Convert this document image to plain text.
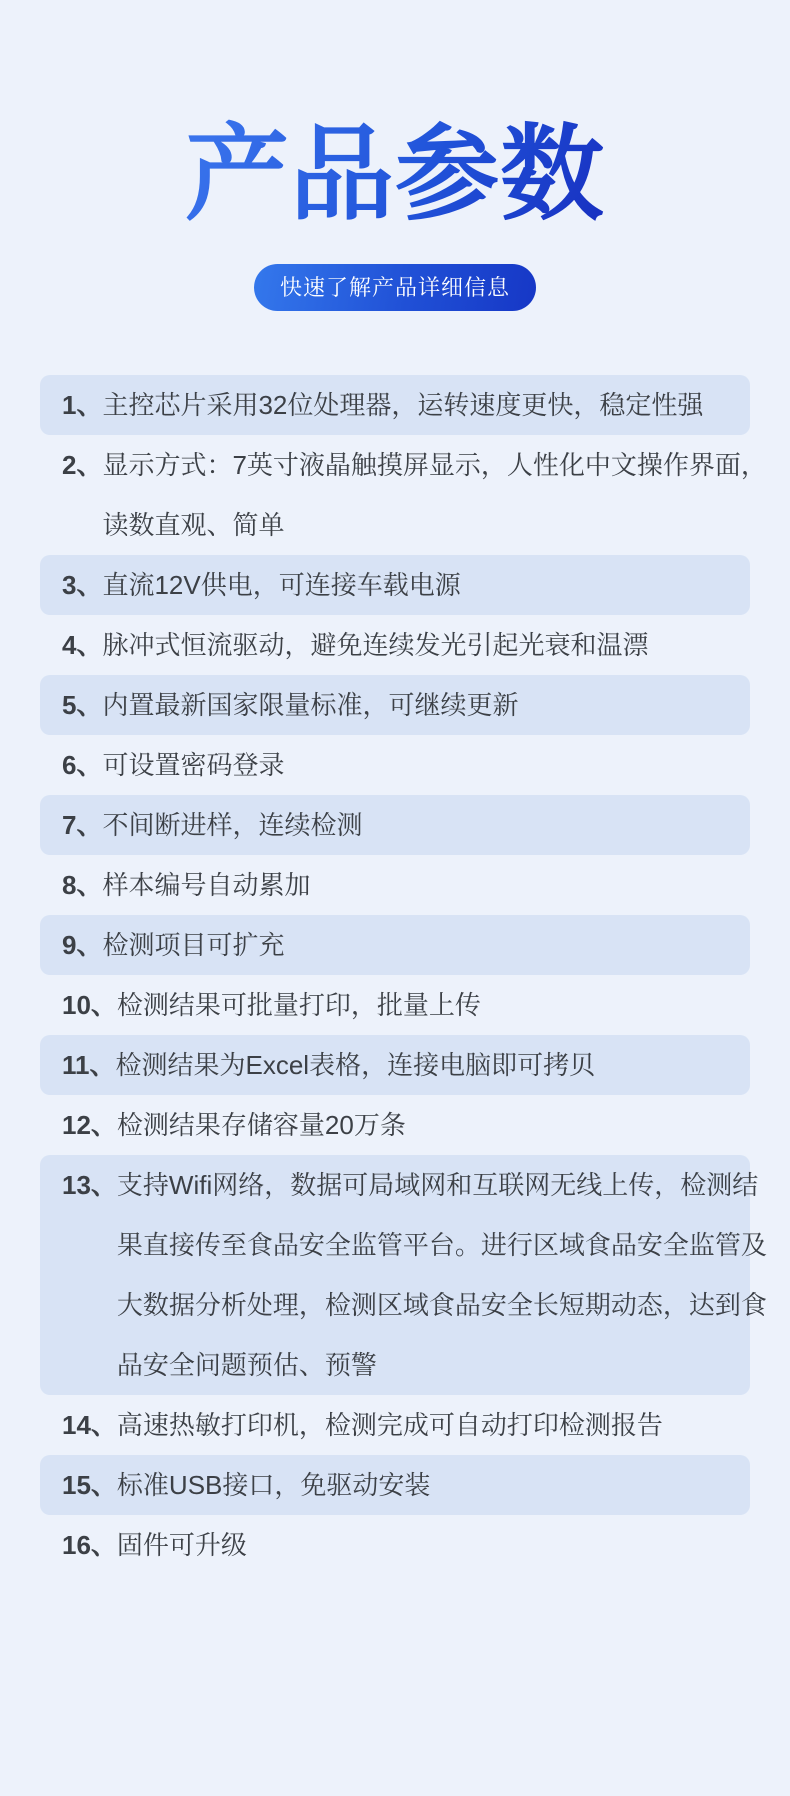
产品参数
快速了解产品详细信息
1、 主控芯片采用32位处理器，运转速度更快，稳定性强
2、 显示方式：7英寸液晶触摸屏显示，人性化中文操作界面，
读数直观、简单
3、 直流12V供电，可连接车载电源
4、 脉冲式恒流驱动，避免连续发光引起光衰和温漂
5、 内置最新国家限量标准，可继续更新
6、 可设置密码登录
7、 不间断进样，连续检测
8、 样本编号自动累加
9、 检测项目可扩充
10、 检测结果可批量打印，批量上传
11、 检测结果为Excel表格，连接电脑即可拷贝
12、 检测结果存储容量20万条
13、 支持Wifi网络，数据可局域网和互联网无线上传，检测结
果直接传至食品安全监管平台。进行区域食品安全监管及
大数据分析处理，检测区域食品安全长短期动态，达到食
品安全问题预估、预警
14、 高速热敏打印机，检测完成可自动打印检测报告
15、 标准USB接口，免驱动安装
16、 固件可升级
